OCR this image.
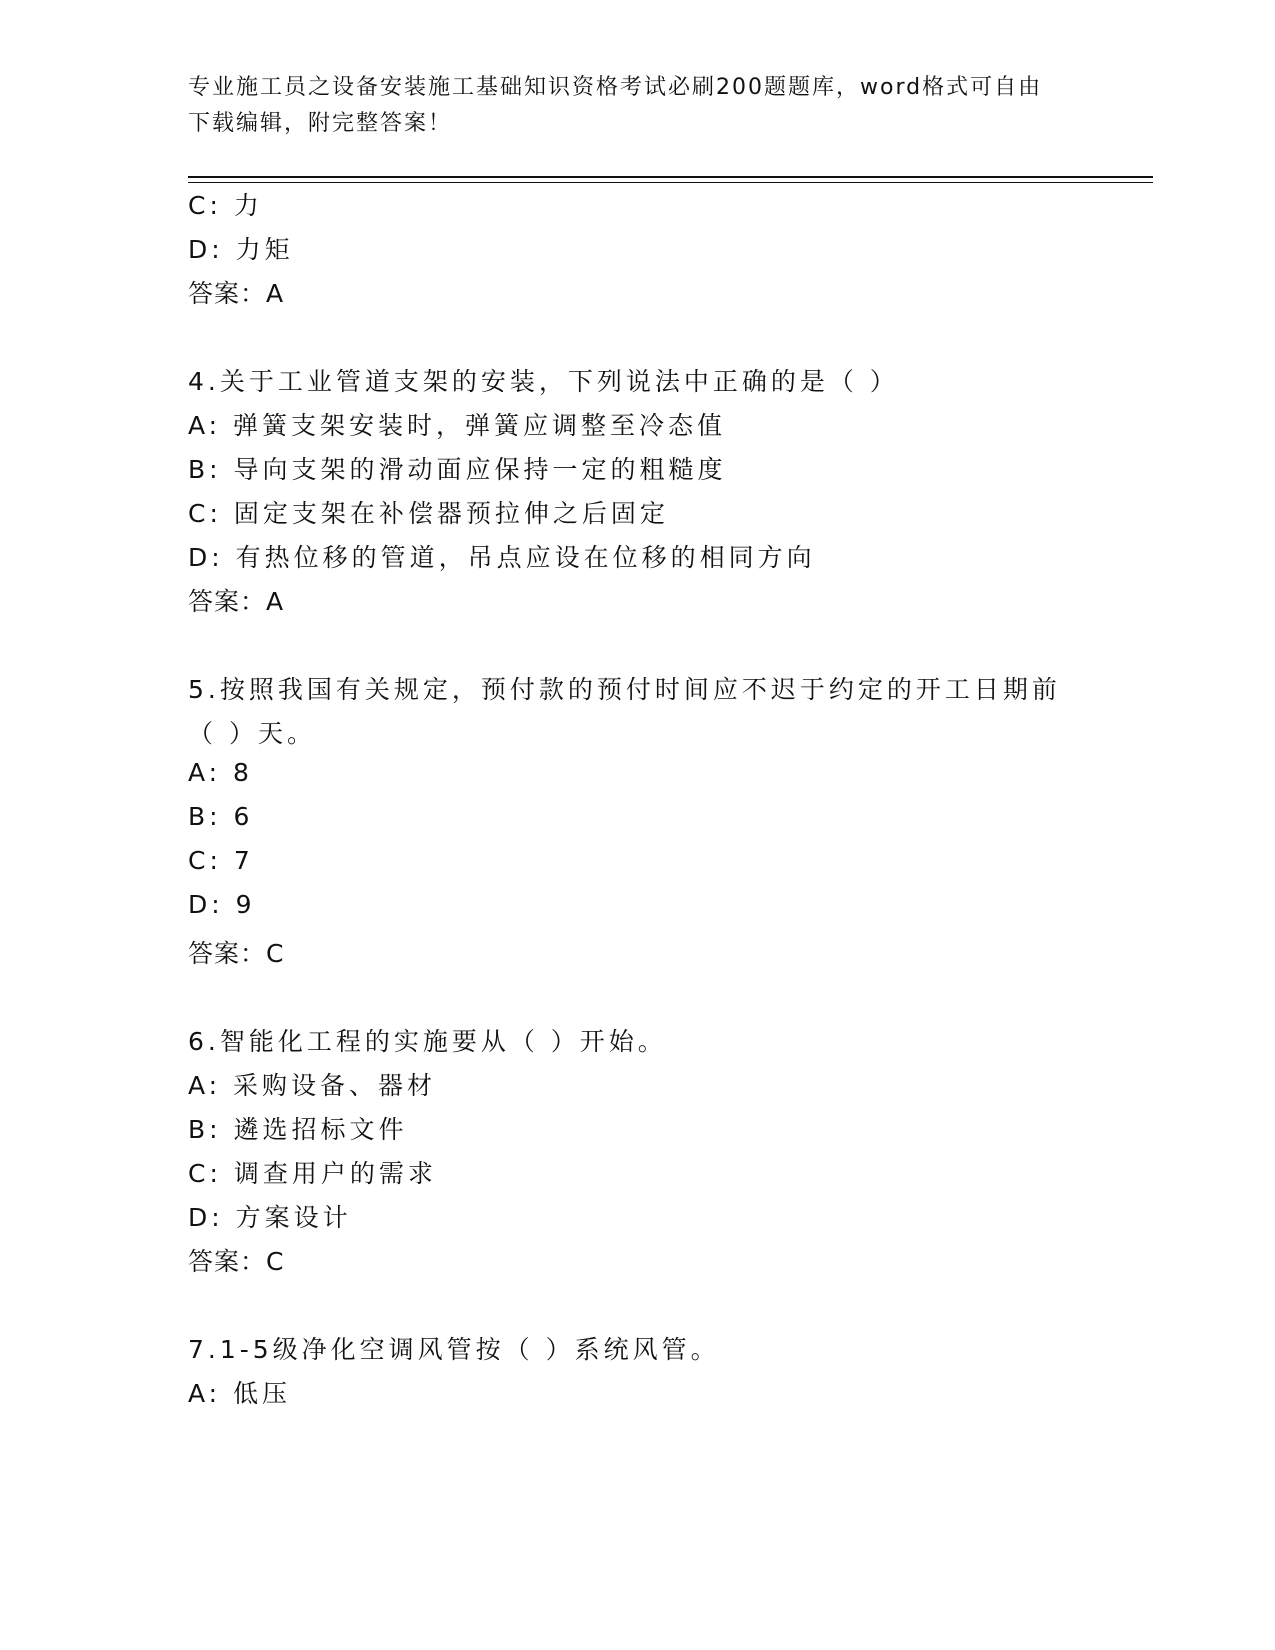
专业施工员之设备安装施工基础知识资格考试必刷200题题库，word格式可自由
下载编辑，附完整答案！
C: 力
D: 力矩
答案：A
4.关于工业管道支架的安装，下列说法中正确的是（ ）
A: 弹簧支架安装时，弹簧应调整至冷态值
B: 导向支架的滑动面应保持一定的粗糙度
C: 固定支架在补偿器预拉伸之后固定
D: 有热位移的管道，吊点应设在位移的相同方向
答案：A
5.按照我国有关规定，预付款的预付时间应不迟于约定的开工日期前
（ ）天。
A: 8
B: 6
C: 7
D: 9
答案：C
6.智能化工程的实施要从（ ）开始。
A: 采购设备、器材
B: 遴选招标文件
C: 调查用户的需求
D: 方案设计
答案：C
7.1-5级净化空调风管按（ ）系统风管。
A: 低压
